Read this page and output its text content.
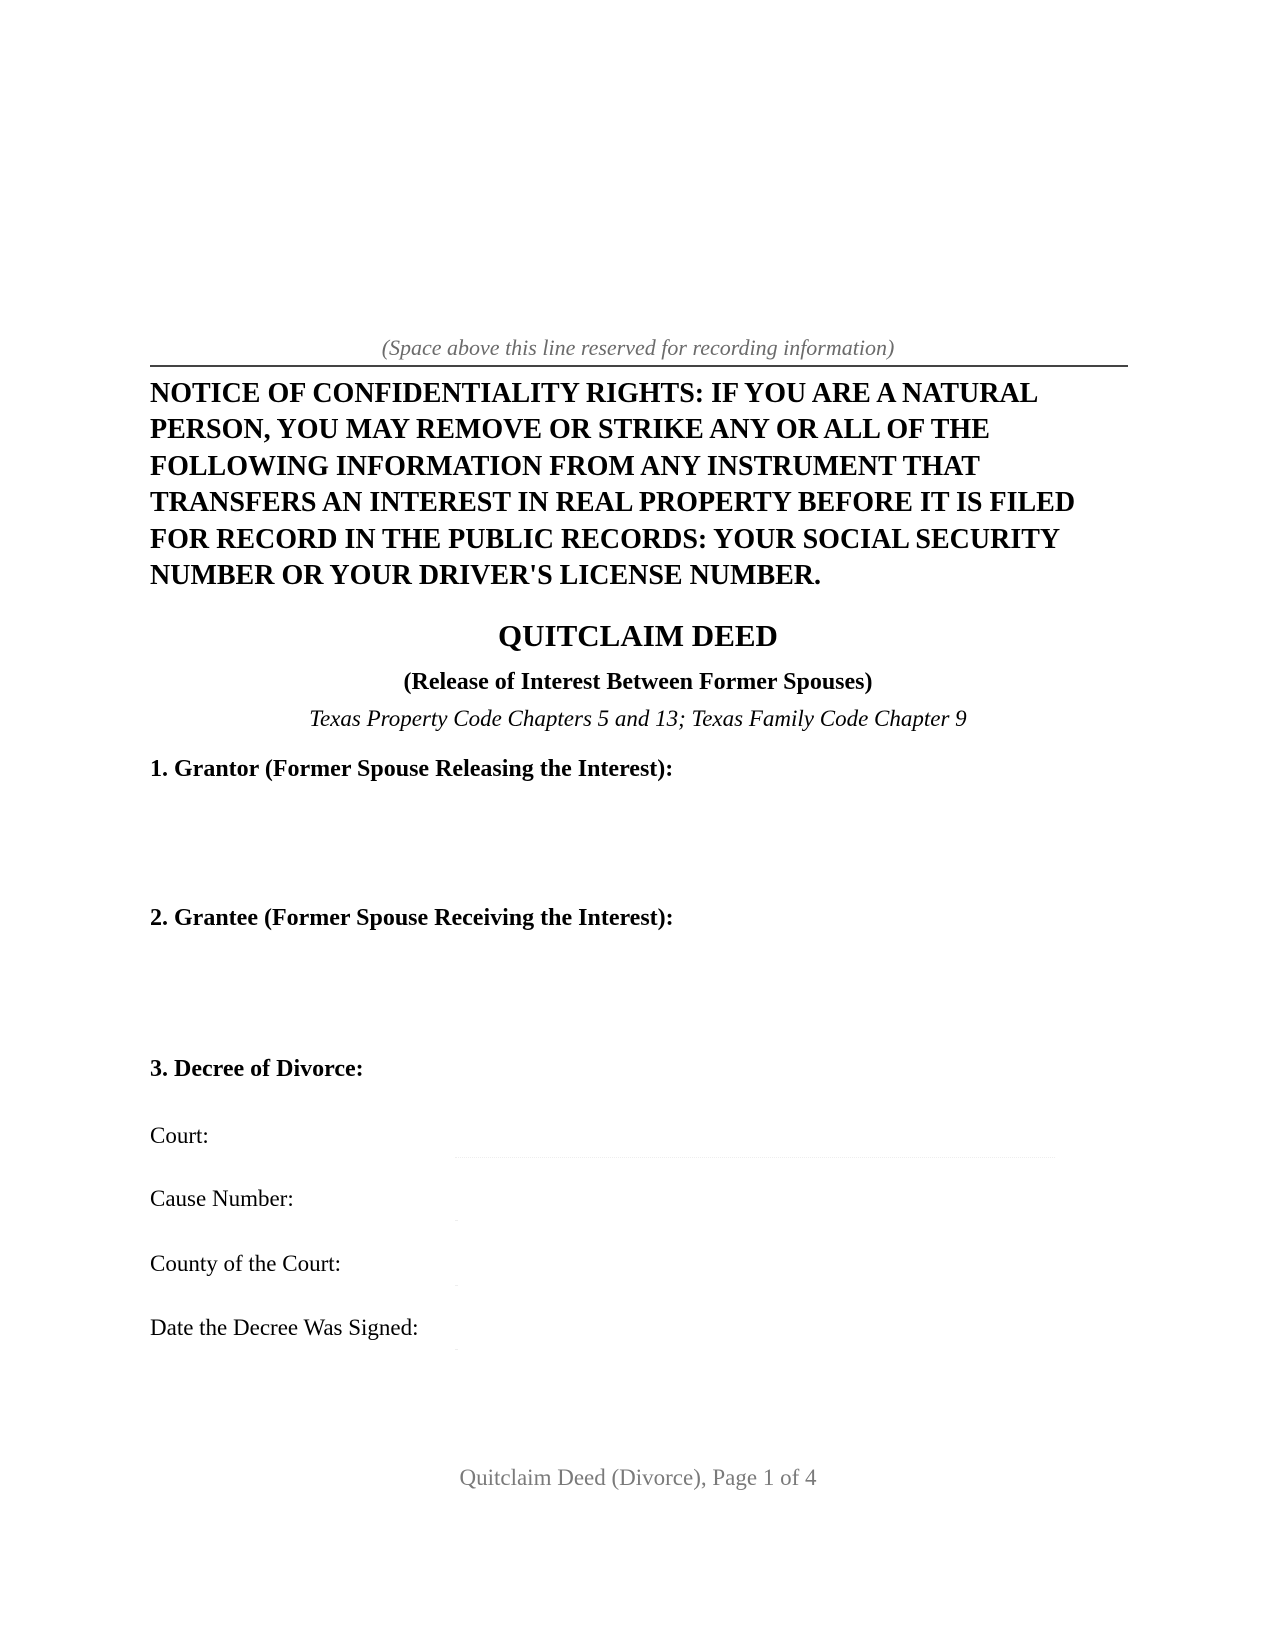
(Space above this line reserved for recording information)

NOTICE OF CONFIDENTIALITY RIGHTS: IF YOU ARE A NATURAL PERSON, YOU MAY REMOVE OR STRIKE ANY OR ALL OF THE FOLLOWING INFORMATION FROM ANY INSTRUMENT THAT TRANSFERS AN INTEREST IN REAL PROPERTY BEFORE IT IS FILED FOR RECORD IN THE PUBLIC RECORDS: YOUR SOCIAL SECURITY NUMBER OR YOUR DRIVER'S LICENSE NUMBER.

QUITCLAIM DEED
(Release of Interest Between Former Spouses)
Texas Property Code Chapters 5 and 13; Texas Family Code Chapter 9
1. Grantor (Former Spouse Releasing the Interest):
2. Grantee (Former Spouse Receiving the Interest):
3. Decree of Divorce:
Court:
Cause Number:
County of the Court:
Date the Decree Was Signed:
Quitclaim Deed (Divorce), Page 1 of 4
